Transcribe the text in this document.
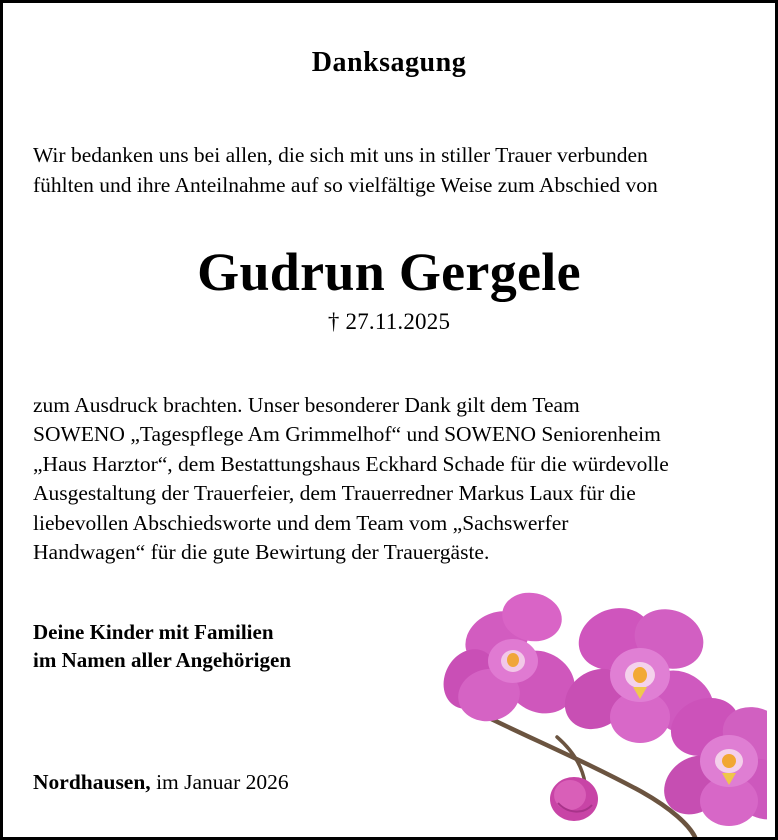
Danksagung
Wir bedanken uns bei allen, die sich mit uns in stiller Trauer verbunden
fühlten und ihre Anteilnahme auf so vielfältige Weise zum Abschied von
Gudrun Gergele
† 27.11.2025
zum Ausdruck brachten. Unser besonderer Dank gilt dem Team
SOWENO „Tagespflege Am Grimmelhof“ und SOWENO Seniorenheim
„Haus Harztor“, dem Bestattungshaus Eckhard Schade für die würdevolle
Ausgestaltung der Trauerfeier, dem Trauerredner Markus Laux für die
liebevollen Abschiedsworte und dem Team vom „Sachswerfer
Handwagen“ für die gute Bewirtung der Trauergäste.
Deine Kinder mit Familien
im Namen aller Angehörigen
Nordhausen, im Januar 2026
